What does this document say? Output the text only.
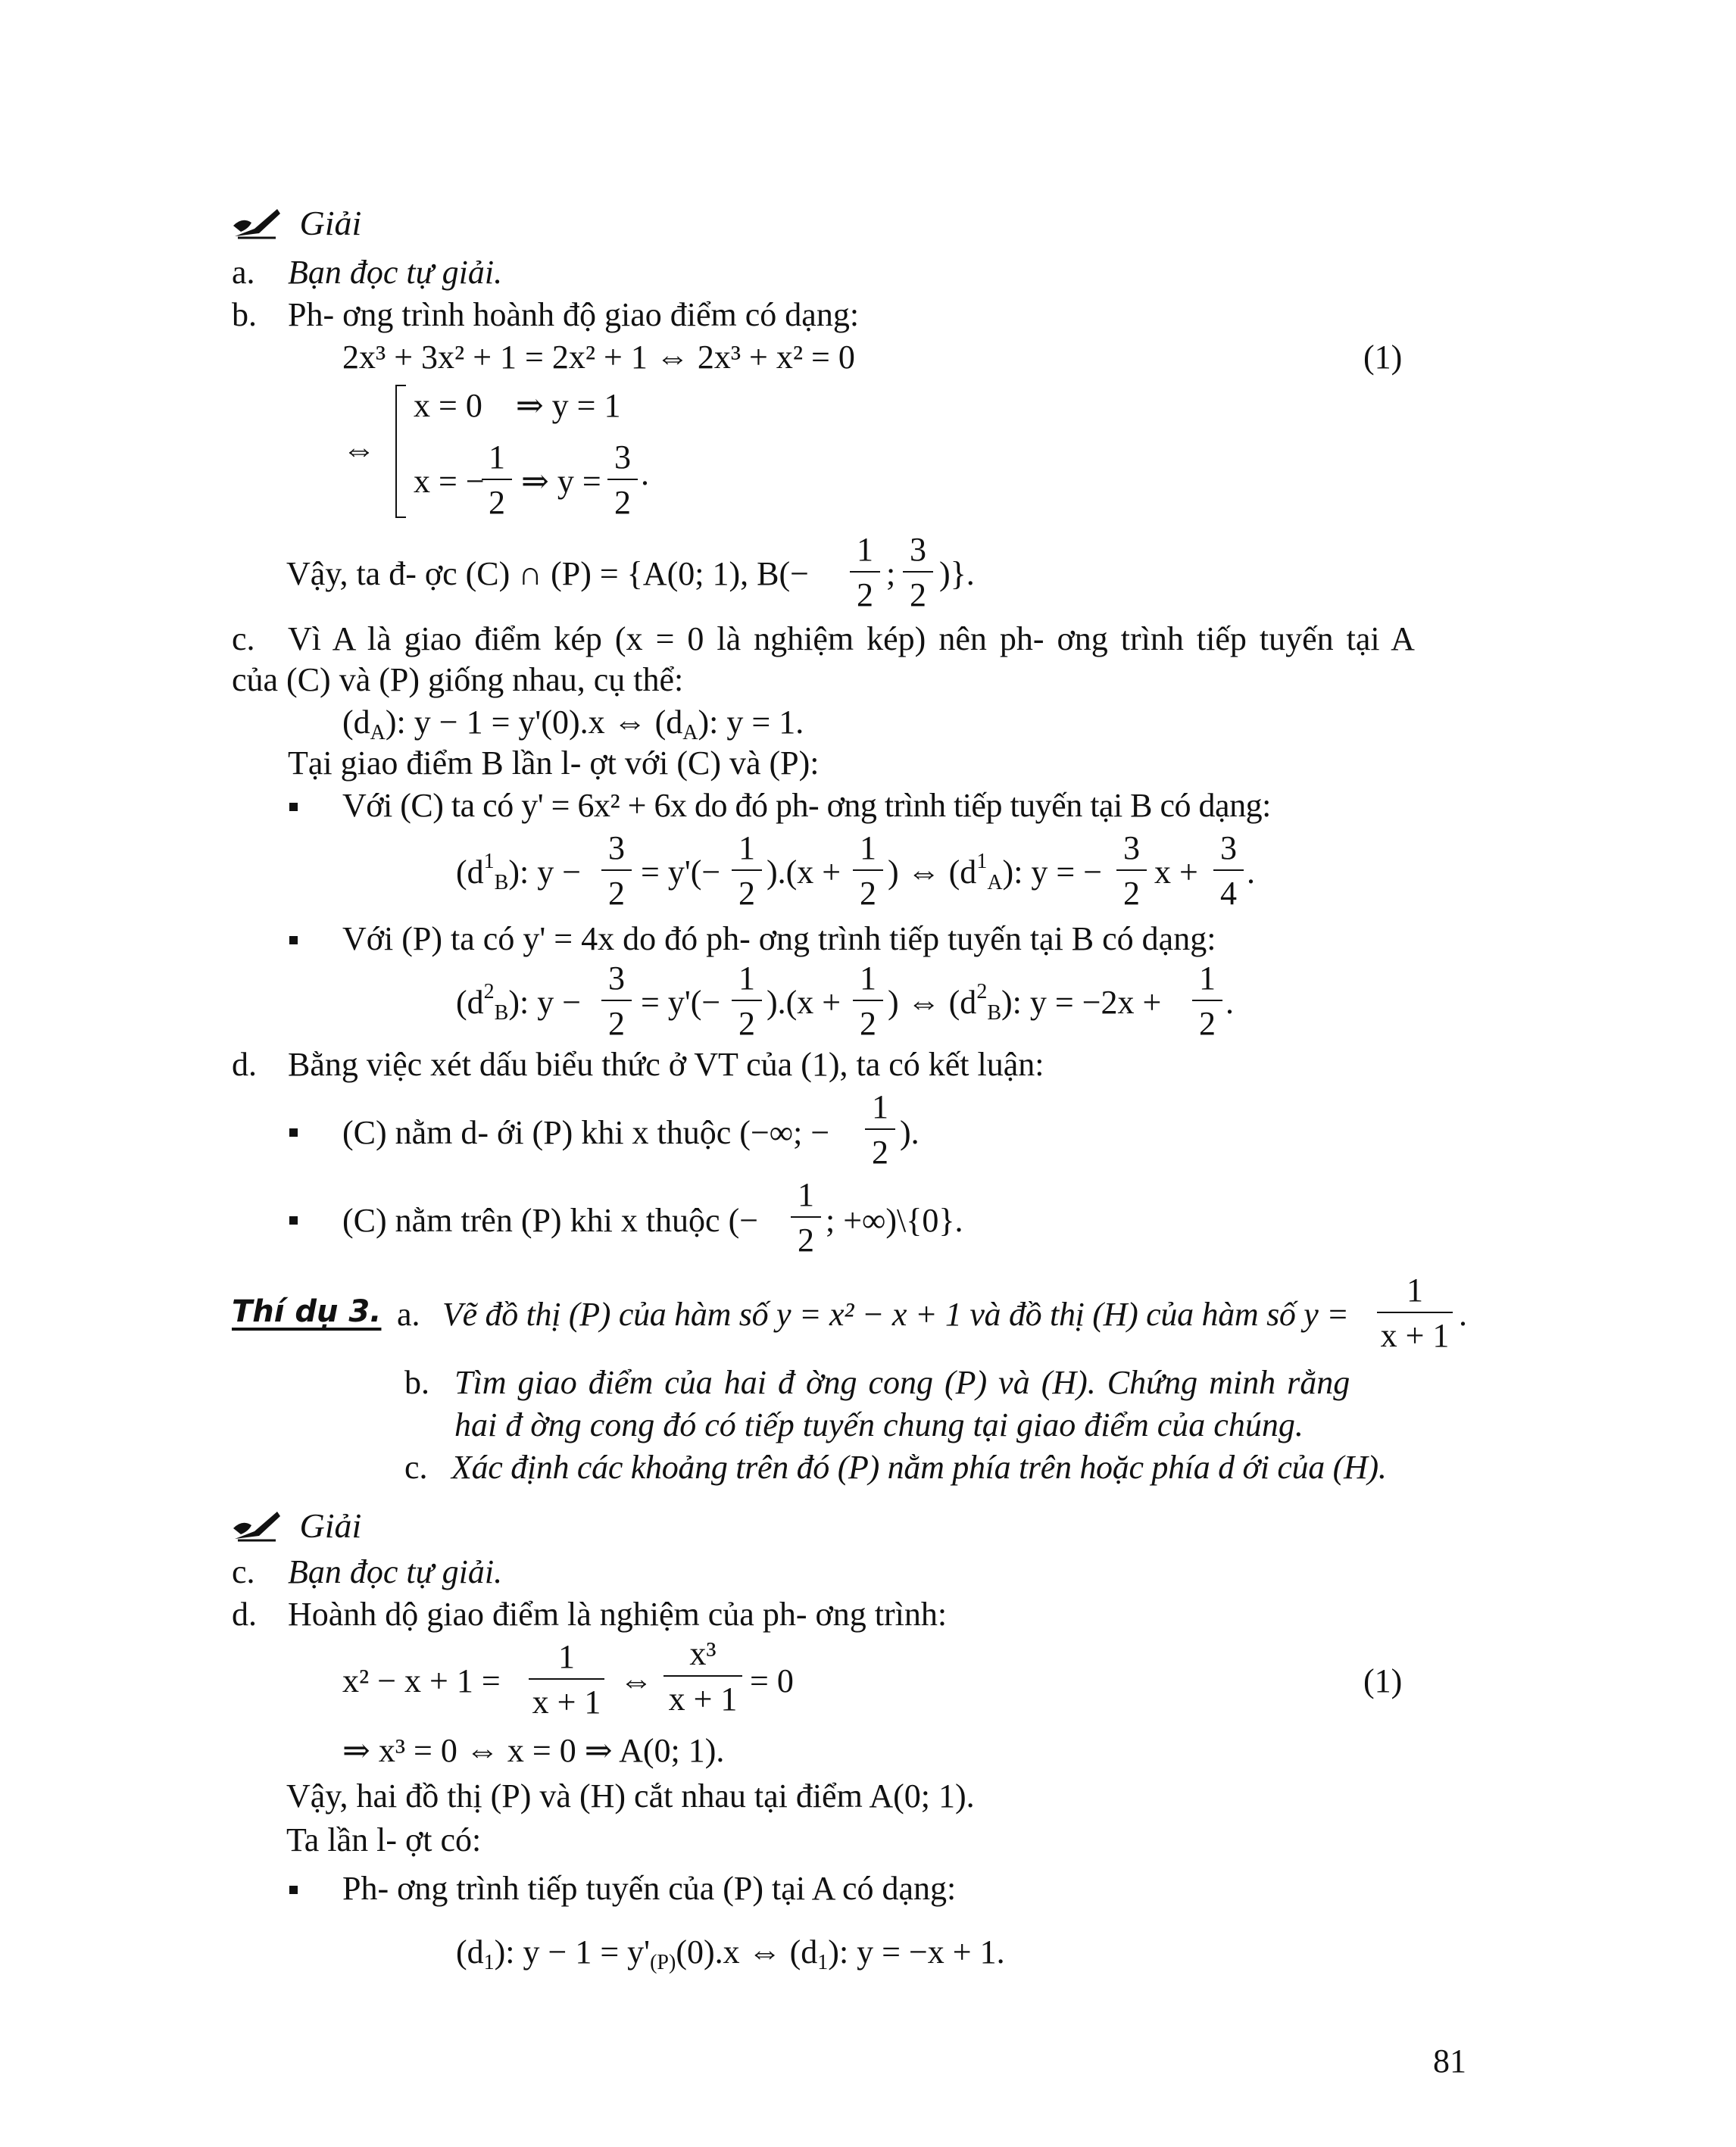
Giải
a. Bạn đọc tự giải.
b. Ph- ơng trình hoành độ giao điểm có dạng:
2x³ + 3x² + 1 = 2x² + 1 ⇔ 2x³ + x² = 0	(1)
⇔
x = 0    ⇒ y = 1
x = −
1
2
⇒ y =
3
2
.
Vậy, ta đ- ợc (C) ∩ (P) = {A(0; 1), B(−
1
2
;
3
2
)}.
c. Vì A là giao điểm kép (x = 0 là nghiệm kép) nên ph- ơng trình tiếp tuyến tại A
của (C) và (P) giống nhau, cụ thể:
$(d_A)$: y − 1 = y'(0).x ⇔ $(d_A)$: y = 1.
Tại giao điểm B lần l- ợt với (C) và (P):
Với (C) ta có y' = 6x² + 6x do đó ph- ơng trình tiếp tuyến tại B có dạng:
$(d^1_B)$: y −
3
2
= y'(−
1
2
).(x +
1
2
) ⇔ $(d^1_A)$: y = −
3
2
x +
3
4
.
Với (P) ta có y' = 4x do đó ph- ơng trình tiếp tuyến tại B có dạng:
$(d^2_B)$: y −
3
2
= y'(−
1
2
).(x +
1
2
) ⇔ $(d^2_B)$: y = −2x +
1
2
.
d. Bằng việc xét dấu biểu thức ở VT của (1), ta có kết luận:
(C) nằm d- ới (P) khi x thuộc (−∞; −
1
2
).
(C) nằm trên (P) khi x thuộc (−
1
2
; +∞)\{0}.
Thí dụ 3. a. Vẽ đồ thị (P) của hàm số y = x² − x + 1 và đồ thị (H) của hàm số y =
1
x + 1
.
b. Tìm giao điểm của hai đ ờng cong (P) và (H). Chứng minh rằng
hai đ ờng cong đó có tiếp tuyến chung tại giao điểm của chúng.
c. Xác định các khoảng trên đó (P) nằm phía trên hoặc phía d ới của (H).
Giải
c. Bạn đọc tự giải.
d. Hoành dộ giao điểm là nghiệm của ph- ơng trình:
x² − x + 1 =
1
x + 1
⇔
x³
x + 1 = 0	(1)
⇒ x³ = 0 ⇔ x = 0 ⇒ A(0; 1).
Vậy, hai đồ thị (P) và (H) cắt nhau tại điểm A(0; 1).
Ta lần l- ợt có:
Ph- ơng trình tiếp tuyến của (P) tại A có dạng:
$(d_1)$: $y - 1 = y'_{(P)}(0).x$ ⇔ $(d_1)$: y = −x + 1.
81
